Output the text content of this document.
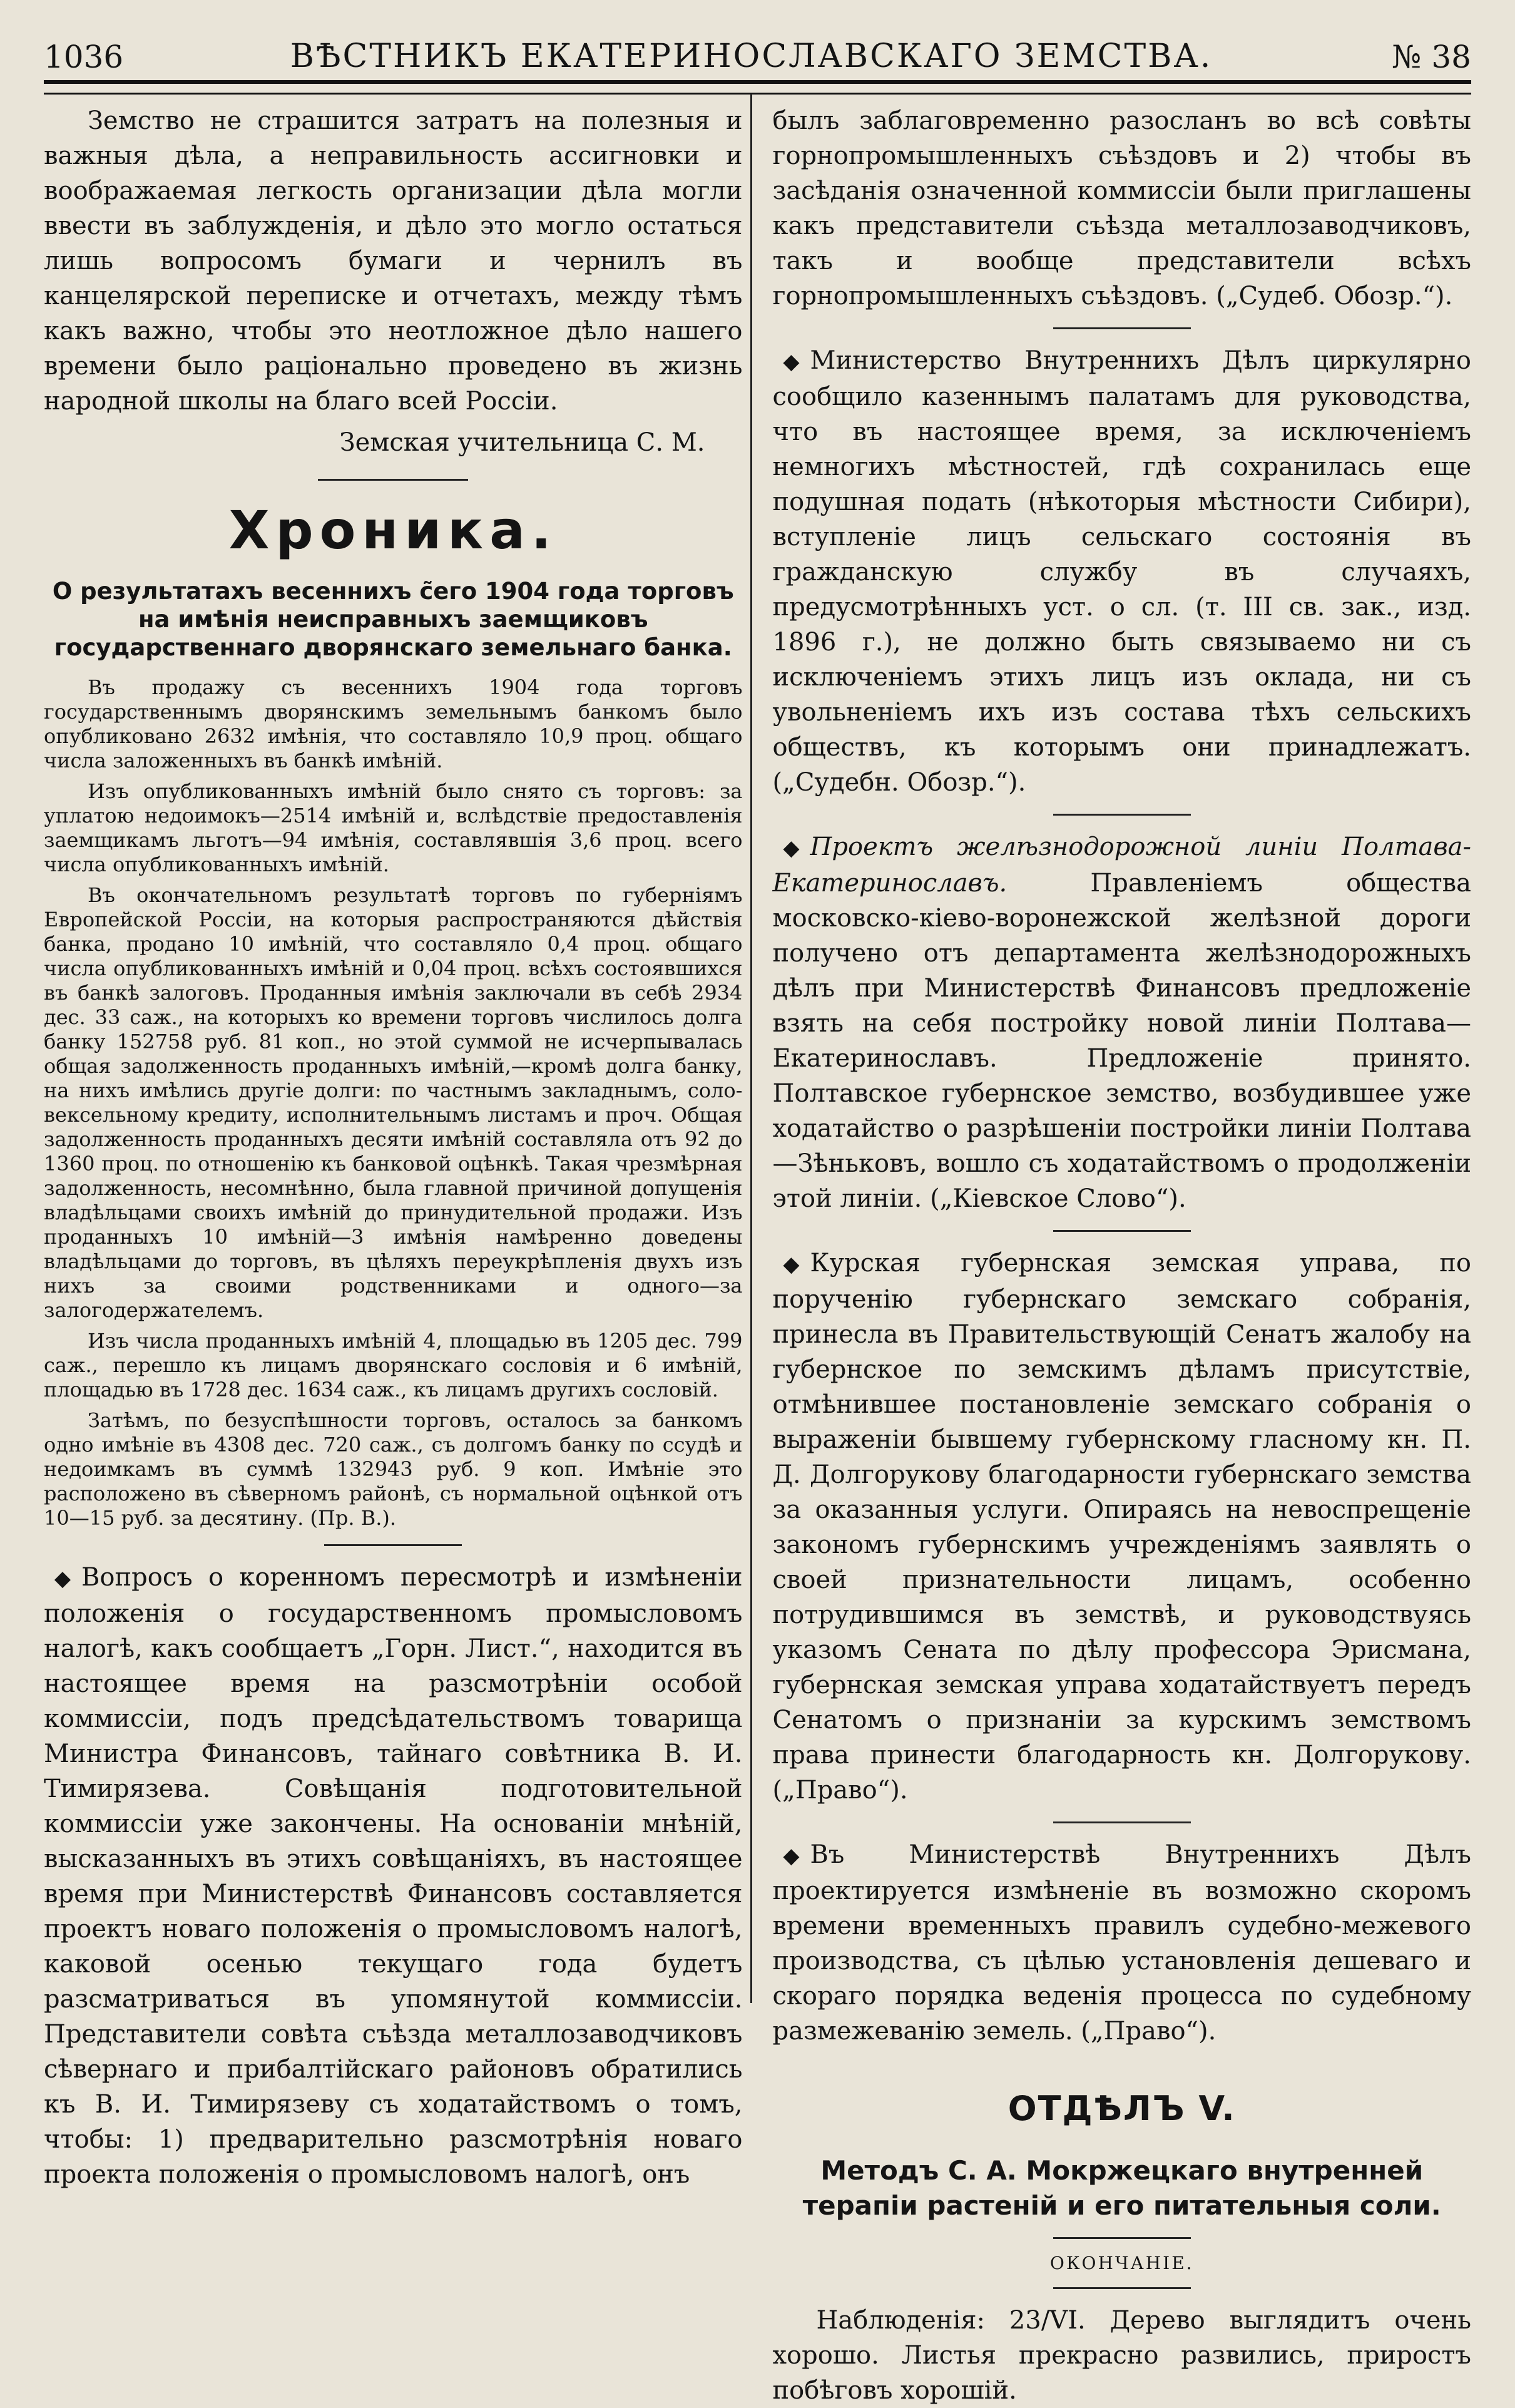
1036	ВѢСТНИКЪ ЕКАТЕРИНОСЛАВСКАГО ЗЕМСТВА.	№ 38

Земство не страшится затратъ на полезныя и важныя дѣла, а неправильность ассигновки и воображаемая легкость организации дѣла могли ввести въ заблужденія, и дѣло это могло остаться лишь вопросомъ бумаги и чернилъ въ канцелярской переписке и отчетахъ, между тѣмъ какъ важно, чтобы это неотложное дѣло нашего времени было раціонально проведено въ жизнь народной школы на благо всей Россіи.

Земская учительница С. М.

Хроника.
О результатахъ весеннихъ с̃его 1904 года торговъ на имѣнія неисправныхъ заемщиковъ государственнаго дворянскаго земельнаго банка.

Въ продажу съ весеннихъ 1904 года торговъ государственнымъ дворянскимъ земельнымъ банкомъ было опубликовано 2632 имѣнія, что составляло 10,9 проц. общаго числа заложенныхъ въ банкѣ имѣній.

Изъ опубликованныхъ имѣній было снято съ торговъ: за уплатою недоимокъ—2514 имѣній и, вслѣдствіе предоставленія заемщикамъ льготъ—94 имѣнія, составлявшія 3,6 проц. всего числа опубликованныхъ имѣній.

Въ окончательномъ результатѣ торговъ по губерніямъ Европейской Россіи, на которыя распространяются дѣйствія банка, продано 10 имѣній, что составляло 0,4 проц. общаго числа опубликованныхъ имѣній и 0,04 проц. всѣхъ состоявшихся въ банкѣ залоговъ. Проданныя имѣнія заключали въ себѣ 2934 дес. 33 саж., на которыхъ ко времени торговъ числилось долга банку 152758 руб. 81 коп., но этой суммой не исчерпывалась общая задолженность проданныхъ имѣній,—кромѣ долга банку, на нихъ имѣлись другіе долги: по частнымъ закладнымъ, соло-вексельному кредиту, исполнительнымъ листамъ и проч. Общая задолженность проданныхъ десяти имѣній составляла отъ 92 до 1360 проц. по отношенію къ банковой оцѣнкѣ. Такая чрезмѣрная задолженность, несомнѣнно, была главной причиной допущенія владѣльцами своихъ имѣній до принудительной продажи. Изъ проданныхъ 10 имѣній—3 имѣнія намѣренно доведены владѣльцами до торговъ, въ цѣляхъ переукрѣпленія двухъ изъ нихъ за своими родственниками и одного—за залогодержателемъ.

Изъ числа проданныхъ имѣній 4, площадью въ 1205 дес. 799 саж., перешло къ лицамъ дворянскаго сословія и 6 имѣній, площадью въ 1728 дес. 1634 саж., къ лицамъ другихъ сословій.

Затѣмъ, по безуспѣшности торговъ, осталось за банкомъ одно имѣніе въ 4308 дес. 720 саж., съ долгомъ банку по ссудѣ и недоимкамъ въ суммѣ 132943 руб. 9 коп. Имѣніе это расположено въ сѣверномъ районѣ, съ нормальной оцѣнкой отъ 10—15 руб. за десятину. (Пр. В.).

◆ Вопросъ о коренномъ пересмотрѣ и измѣненіи положенія о государственномъ промысловомъ налогѣ, какъ сообщаетъ „Горн. Лист.“, находится въ настоящее время на разсмотрѣніи особой коммиссіи, подъ предсѣдательствомъ товарища Министра Финансовъ, тайнаго совѣтника В. И. Тимирязева. Совѣщанія подготовительной коммиссіи уже закончены. На основаніи мнѣній, высказанныхъ въ этихъ совѣщаніяхъ, въ настоящее время при Министерствѣ Финансовъ составляется проектъ новаго положенія о промысловомъ налогѣ, каковой осенью текущаго года будетъ разсматриваться въ упомянутой коммиссіи. Представители совѣта съѣзда металлозаводчиковъ сѣвернаго и прибалтійскаго районовъ обратились къ В. И. Тимирязеву съ ходатайствомъ о томъ, чтобы: 1) предварительно разсмотрѣнія новаго проекта положенія о промысловомъ налогѣ, онъ

былъ заблаговременно разосланъ во всѣ совѣты горнопромышленныхъ съѣздовъ и 2) чтобы въ засѣданія означенной коммиссіи были приглашены какъ представители съѣзда металлозаводчиковъ, такъ и вообще представители всѣхъ горнопромышленныхъ съѣздовъ. („Судеб. Обозр.“).

◆ Министерство Внутреннихъ Дѣлъ циркулярно сообщило казеннымъ палатамъ для руководства, что въ настоящее время, за исключеніемъ немногихъ мѣстностей, гдѣ сохранилась еще подушная подать (нѣкоторыя мѣстности Сибири), вступленіе лицъ сельскаго состоянія въ гражданскую службу въ случаяхъ, предусмотрѣнныхъ уст. о сл. (т. III св. зак., изд. 1896 г.), не должно быть связываемо ни съ исключеніемъ этихъ лицъ изъ оклада, ни съ увольненіемъ ихъ изъ состава тѣхъ сельскихъ обществъ, къ которымъ они принадлежатъ. („Судебн. Обозр.“).

◆ Проектъ желѣзнодорожной линіи Полтава-Екатеринославъ.	Правленіемъ общества московско-кіево-воронежской желѣзной дороги получено отъ департамента желѣзнодорожныхъ дѣлъ при Министерствѣ Финансовъ предложеніе взять на себя постройку новой линіи Полтава—Екатеринославъ. Предложеніе принято. Полтавское губернское земство, возбудившее уже ходатайство о разрѣшеніи постройки линіи Полтава—Зѣньковъ, вошло съ ходатайствомъ о продолженіи этой линіи. („Кіевское Слово“).

◆ Курская губернская земская управа, по порученію губернскаго земскаго собранія, принесла въ Правительствующій Сенатъ жалобу на губернское по земскимъ дѣламъ присутствіе, отмѣнившее постановленіе земскаго собранія о выраженіи бывшему губернскому гласному кн. П. Д. Долгорукову благодарности губернскаго земства за оказанныя услуги. Опираясь на невоспрещеніе закономъ губернскимъ учрежденіямъ заявлять о своей признательности лицамъ, особенно потрудившимся въ земствѣ, и руководствуясь указомъ Сената по дѣлу профессора Эрисмана, губернская земская управа ходатайствуетъ передъ Сенатомъ о признаніи за курскимъ земствомъ права принести благодарность кн. Долгорукову. („Право“).

◆ Въ Министерствѣ Внутреннихъ Дѣлъ проектируется измѣненіе въ возможно скоромъ времени временныхъ правилъ судебно-межевого производства, съ цѣлью установленія дешеваго и скораго порядка веденія процесса по судебному размежеванію земель. („Право“).

ОТДѢЛЪ V.
Методъ С. А. Мокржецкаго внутренней терапіи растеній и его питательныя соли.
ОКОНЧАНІЕ.

Наблюденія: 23/VI. Дерево выглядитъ очень хорошо. Листья прекрасно развились, приростъ побѣговъ хорошій.
